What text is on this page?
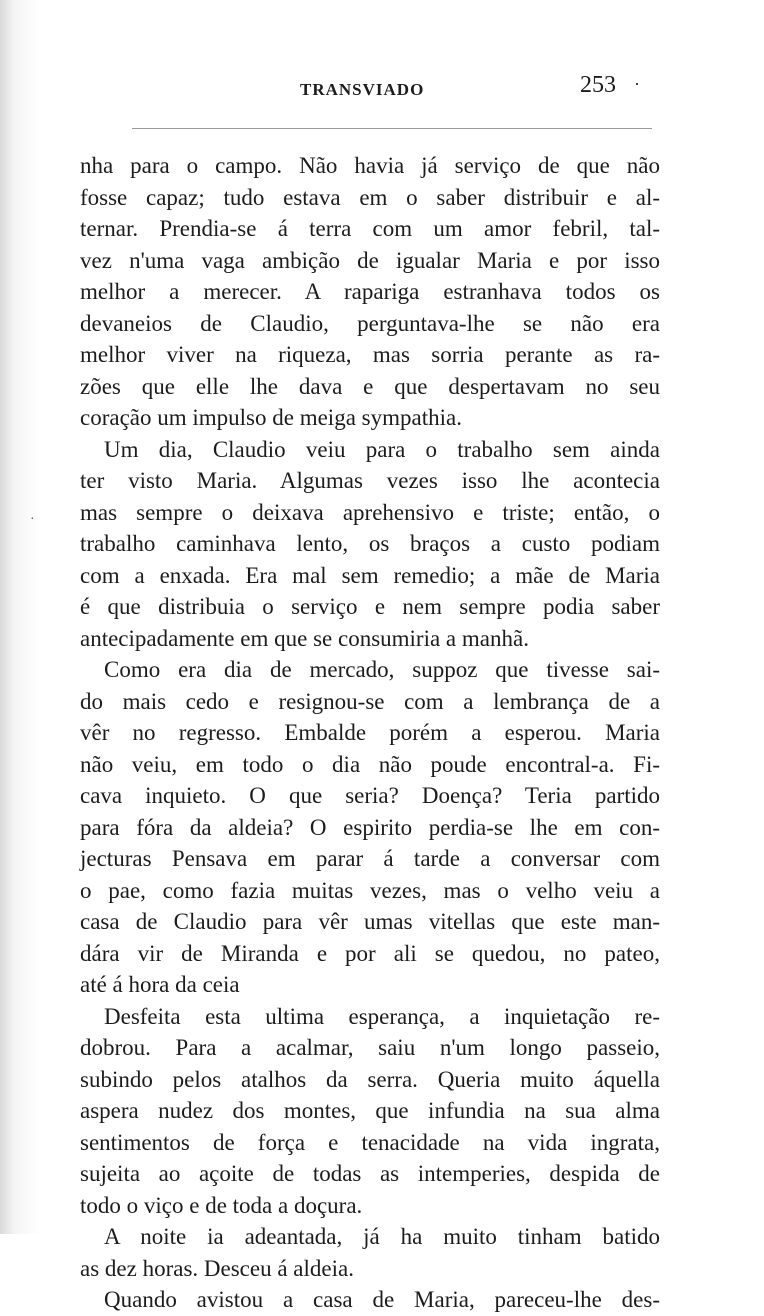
TRANSVIADO	253 ·
·
nha para o campo. Não havia já serviço de que não
fosse capaz; tudo estava em o saber distribuir e al-
ternar. Prendia-se á terra com um amor febril, tal-
vez n'uma vaga ambição de igualar Maria e por isso
melhor a merecer. A rapariga estranhava todos os
devaneios de Claudio, perguntava-lhe se não era
melhor viver na riqueza, mas sorria perante as ra-
zões que elle lhe dava e que despertavam no seu
coração um impulso de meiga sympathia.
Um dia, Claudio veiu para o trabalho sem ainda
ter visto Maria. Algumas vezes isso lhe acontecia
mas sempre o deixava aprehensivo e triste; então, o
trabalho caminhava lento, os braços a custo podiam
com a enxada. Era mal sem remedio; a mãe de Maria
é que distribuia o serviço e nem sempre podia saber
antecipadamente em que se consumiria a manhã.
Como era dia de mercado, suppoz que tivesse sai-
do mais cedo e resignou-se com a lembrança de a
vêr no regresso. Embalde porém a esperou. Maria
não veiu, em todo o dia não poude encontral-a. Fi-
cava inquieto. O que seria? Doença? Teria partido
para fóra da aldeia? O espirito perdia-se lhe em con-
jecturas Pensava em parar á tarde a conversar com
o pae, como fazia muitas vezes, mas o velho veiu a
casa de Claudio para vêr umas vitellas que este man-
dára vir de Miranda e por ali se quedou, no pateo,
até á hora da ceia
Desfeita esta ultima esperança, a inquietação re-
dobrou. Para a acalmar, saiu n'um longo passeio,
subindo pelos atalhos da serra. Queria muito áquella
aspera nudez dos montes, que infundia na sua alma
sentimentos de força e tenacidade na vida ingrata,
sujeita ao açoite de todas as intemperies, despida de
todo o viço e de toda a doçura.
A noite ia adeantada, já ha muito tinham batido
as dez horas. Desceu á aldeia.
Quando avistou a casa de Maria, pareceu-lhe des-
